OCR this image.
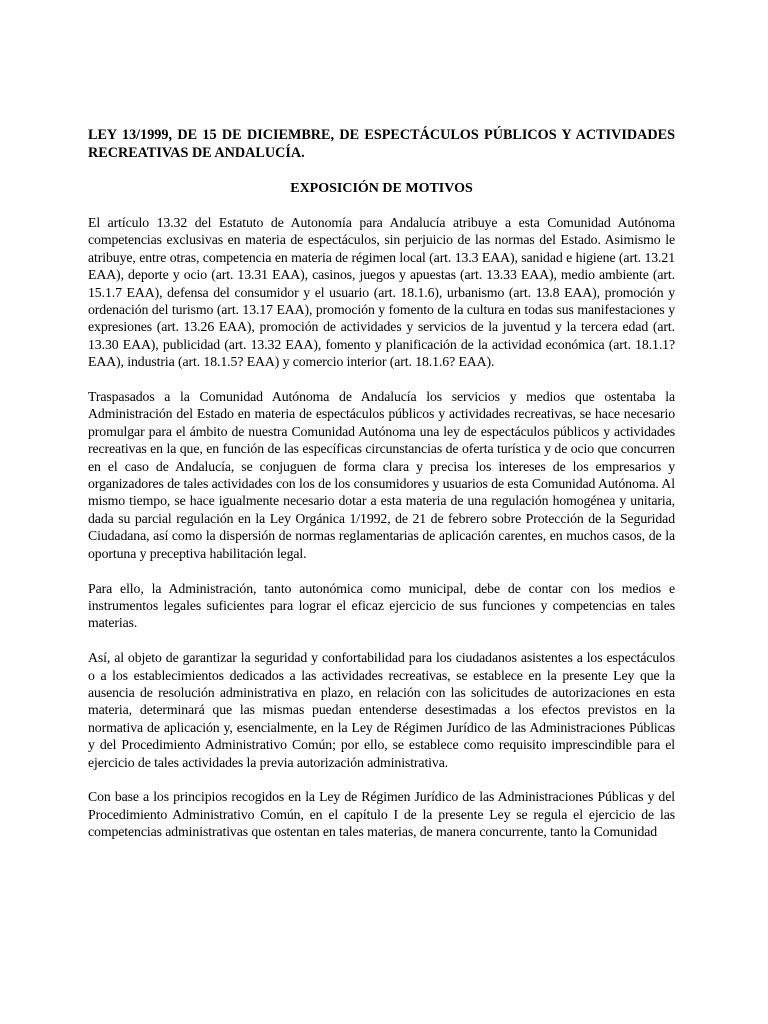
LEY 13/1999, DE 15 DE DICIEMBRE, DE ESPECTÁCULOS PÚBLICOS Y ACTIVIDADES RECREATIVAS DE ANDALUCÍA.
EXPOSICIÓN DE MOTIVOS

El artículo 13.32 del Estatuto de Autonomía para Andalucía atribuye a esta Comunidad Autónoma competencias exclusivas en materia de espectáculos, sin perjuicio de las normas del Estado. Asimismo le atribuye, entre otras, competencia en materia de régimen local (art. 13.3 EAA), sanidad e higiene (art. 13.21 EAA), deporte y ocio (art. 13.31 EAA), casinos, juegos y apuestas (art. 13.33 EAA), medio ambiente (art. 15.1.7 EAA), defensa del consumidor y el usuario (art. 18.1.6), urbanismo (art. 13.8 EAA), promoción y ordenación del turismo (art. 13.17 EAA), promoción y fomento de la cultura en todas sus manifestaciones y expresiones (art. 13.26 EAA), promoción de actividades y servicios de la juventud y la tercera edad (art. 13.30 EAA), publicidad (art. 13.32 EAA), fomento y planificación de la actividad económica (art. 18.1.1? EAA), industria (art. 18.1.5? EAA) y comercio interior (art. 18.1.6? EAA).

Traspasados a la Comunidad Autónoma de Andalucía los servicios y medios que ostentaba la Administración del Estado en materia de espectáculos públicos y actividades recreativas, se hace necesario promulgar para el ámbito de nuestra Comunidad Autónoma una ley de espectáculos públicos y actividades recreativas en la que, en función de las específicas circunstancias de oferta turística y de ocio que concurren en el caso de Andalucía, se conjuguen de forma clara y precisa los intereses de los empresarios y organizadores de tales actividades con los de los consumidores y usuarios de esta Comunidad Autónoma. Al mismo tiempo, se hace igualmente necesario dotar a esta materia de una regulación homogénea y unitaria, dada su parcial regulación en la Ley Orgánica 1/1992, de 21 de febrero sobre Protección de la Seguridad Ciudadana, así como la dispersión de normas reglamentarias de aplicación carentes, en muchos casos, de la oportuna y preceptiva habilitación legal.

Para ello, la Administración, tanto autonómica como municipal, debe de contar con los medios e instrumentos legales suficientes para lograr el eficaz ejercicio de sus funciones y competencias en tales materias.

Así, al objeto de garantizar la seguridad y confortabilidad para los ciudadanos asistentes a los espectáculos o a los establecimientos dedicados a las actividades recreativas, se establece en la presente Ley que la ausencia de resolución administrativa en plazo, en relación con las solicitudes de autorizaciones en esta materia, determinará que las mismas puedan entenderse desestimadas a los efectos previstos en la normativa de aplicación y, esencialmente, en la Ley de Régimen Jurídico de las Administraciones Públicas y del Procedimiento Administrativo Común; por ello, se establece como requisito imprescindible para el ejercicio de tales actividades la previa autorización administrativa.

Con base a los principios recogidos en la Ley de Régimen Jurídico de las Administraciones Públicas y del Procedimiento Administrativo Común, en el capítulo I de la presente Ley se regula el ejercicio de las competencias administrativas que ostentan en tales materias, de manera concurrente, tanto la Comunidad
